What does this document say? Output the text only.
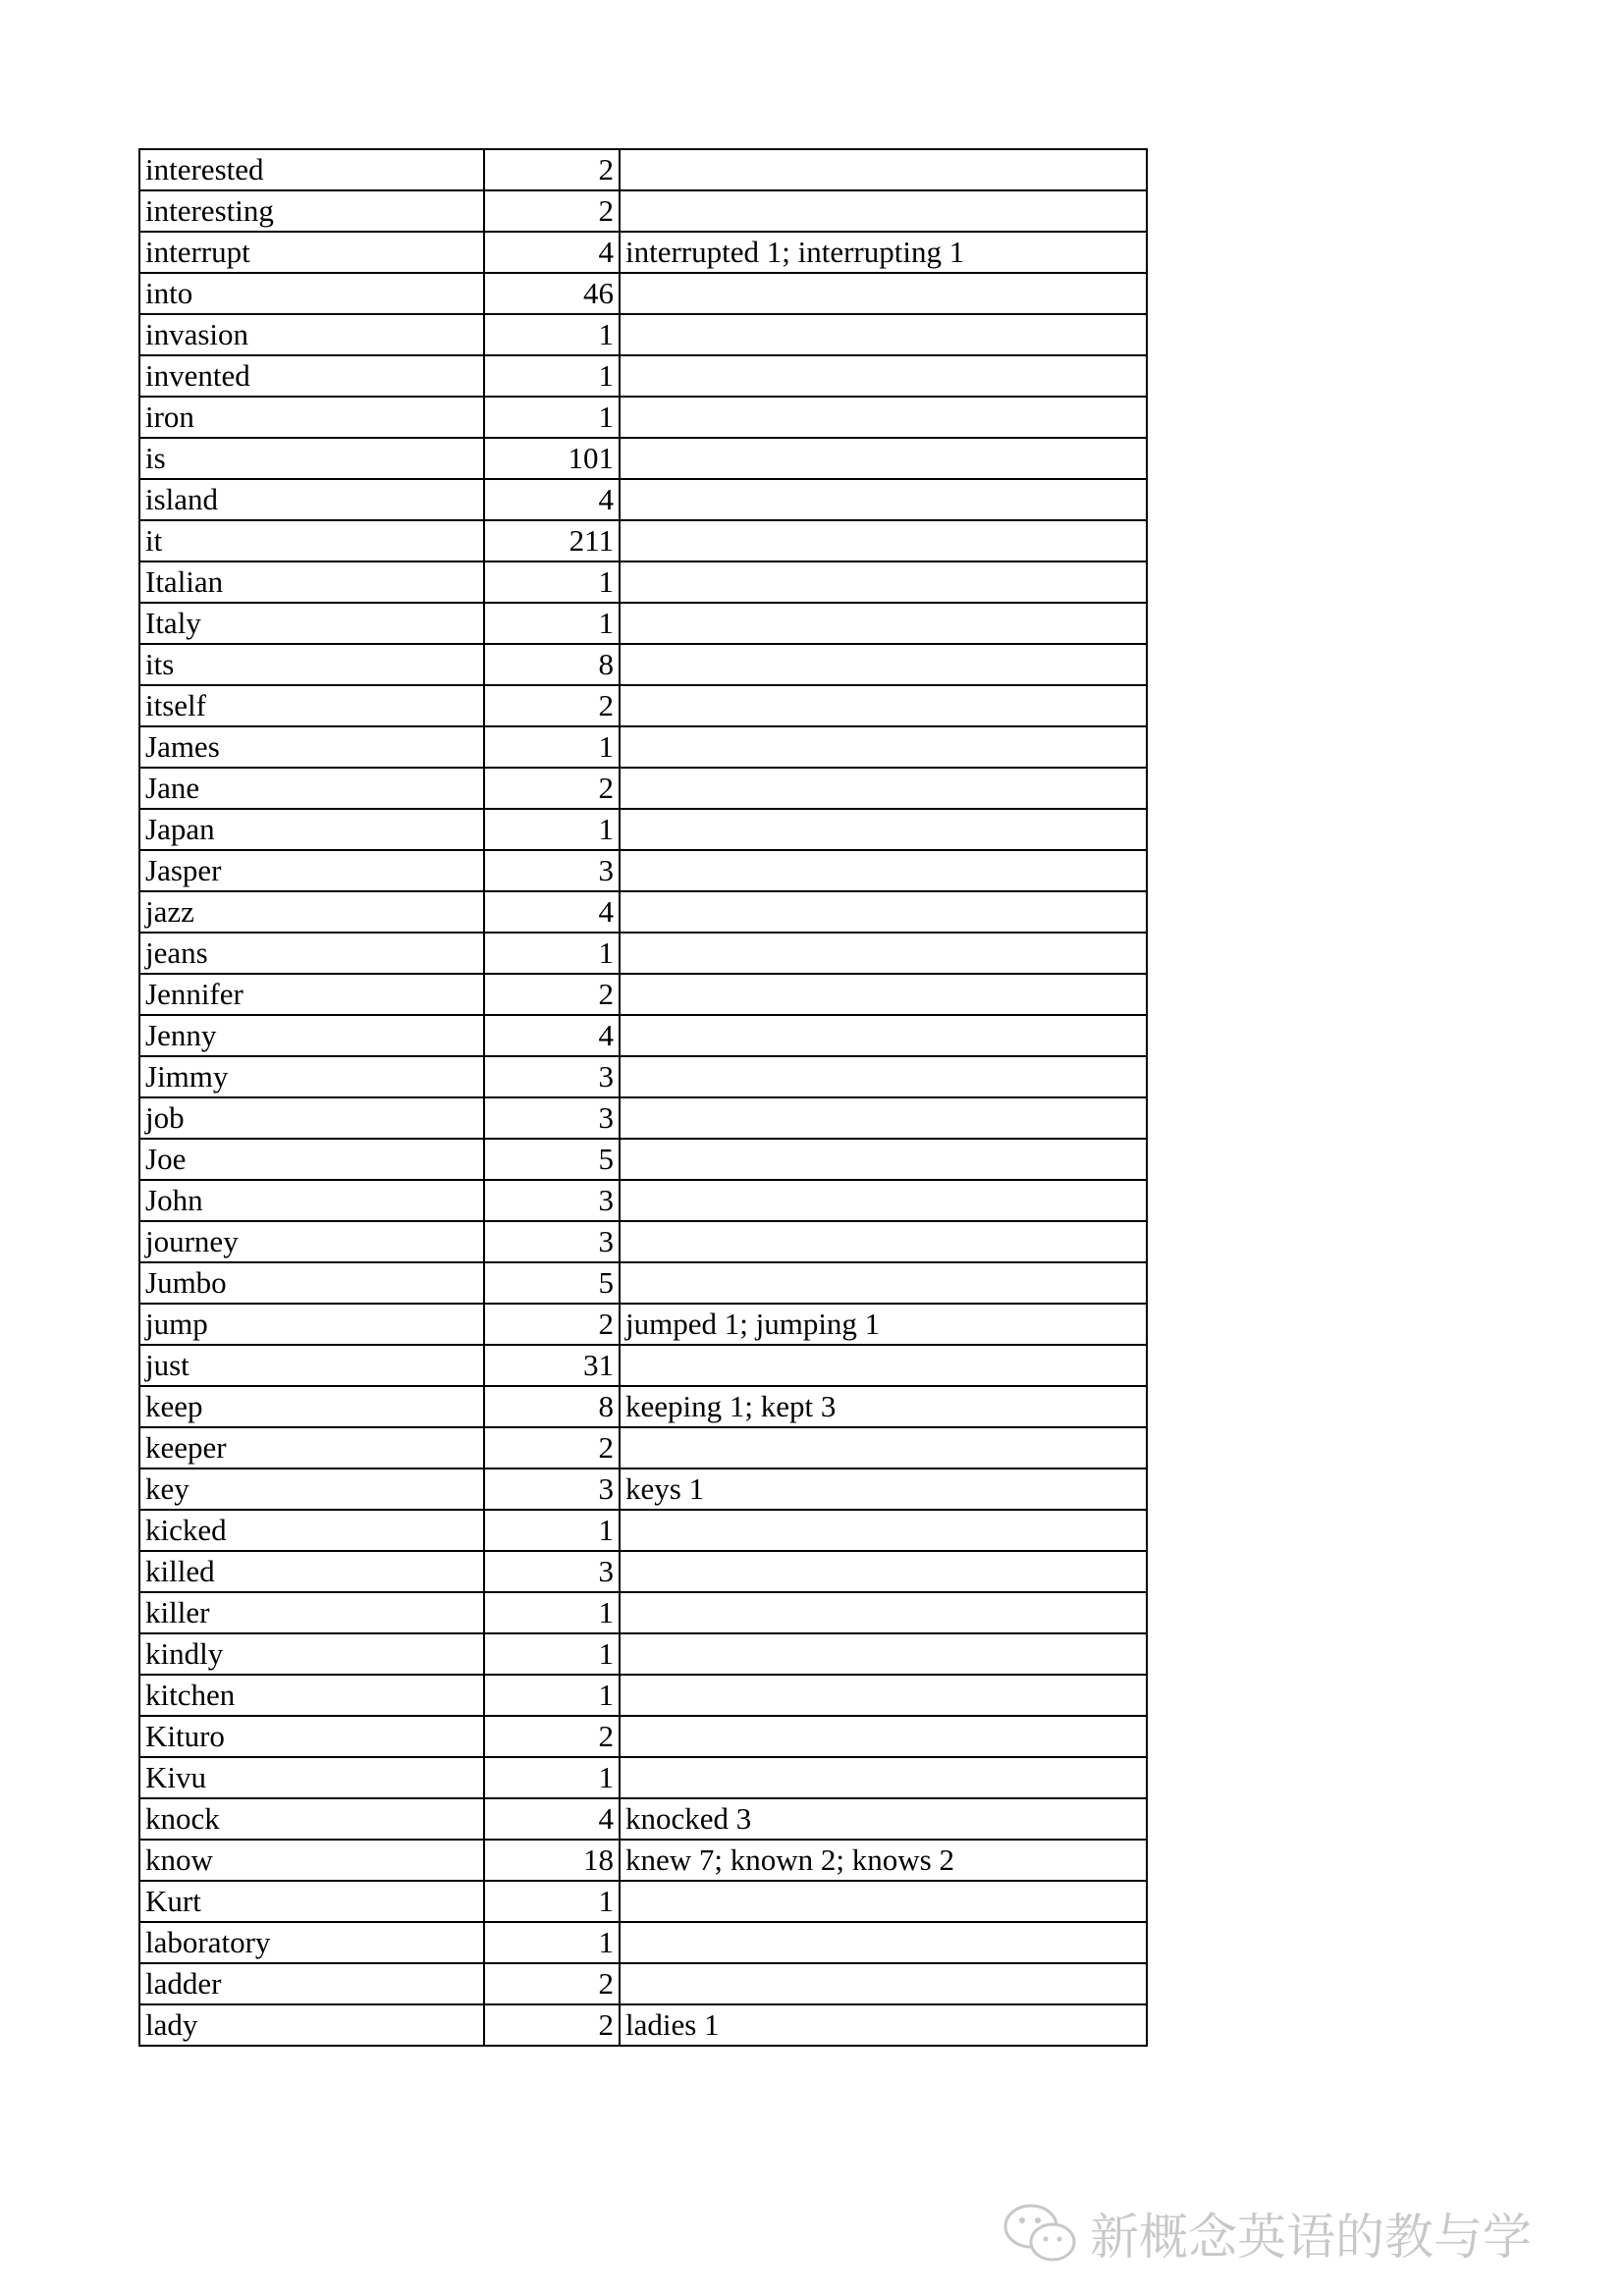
interested	2	
interesting	2	
interrupt	4	interrupted 1; interrupting 1
into	46	
invasion	1	
invented	1	
iron	1	
is	101	
island	4	
it	211	
Italian	1	
Italy	1	
its	8	
itself	2	
James	1	
Jane	2	
Japan	1	
Jasper	3	
jazz	4	
jeans	1	
Jennifer	2	
Jenny	4	
Jimmy	3	
job	3	
Joe	5	
John	3	
journey	3	
Jumbo	5	
jump	2	jumped 1; jumping 1
just	31	
keep	8	keeping 1; kept 3
keeper	2	
key	3	keys 1
kicked	1	
killed	3	
killer	1	
kindly	1	
kitchen	1	
Kituro	2	
Kivu	1	
knock	4	knocked 3
know	18	knew 7; known 2; knows 2
Kurt	1	
laboratory	1	
ladder	2	
lady	2	ladies 1
新概念英语的教与学
